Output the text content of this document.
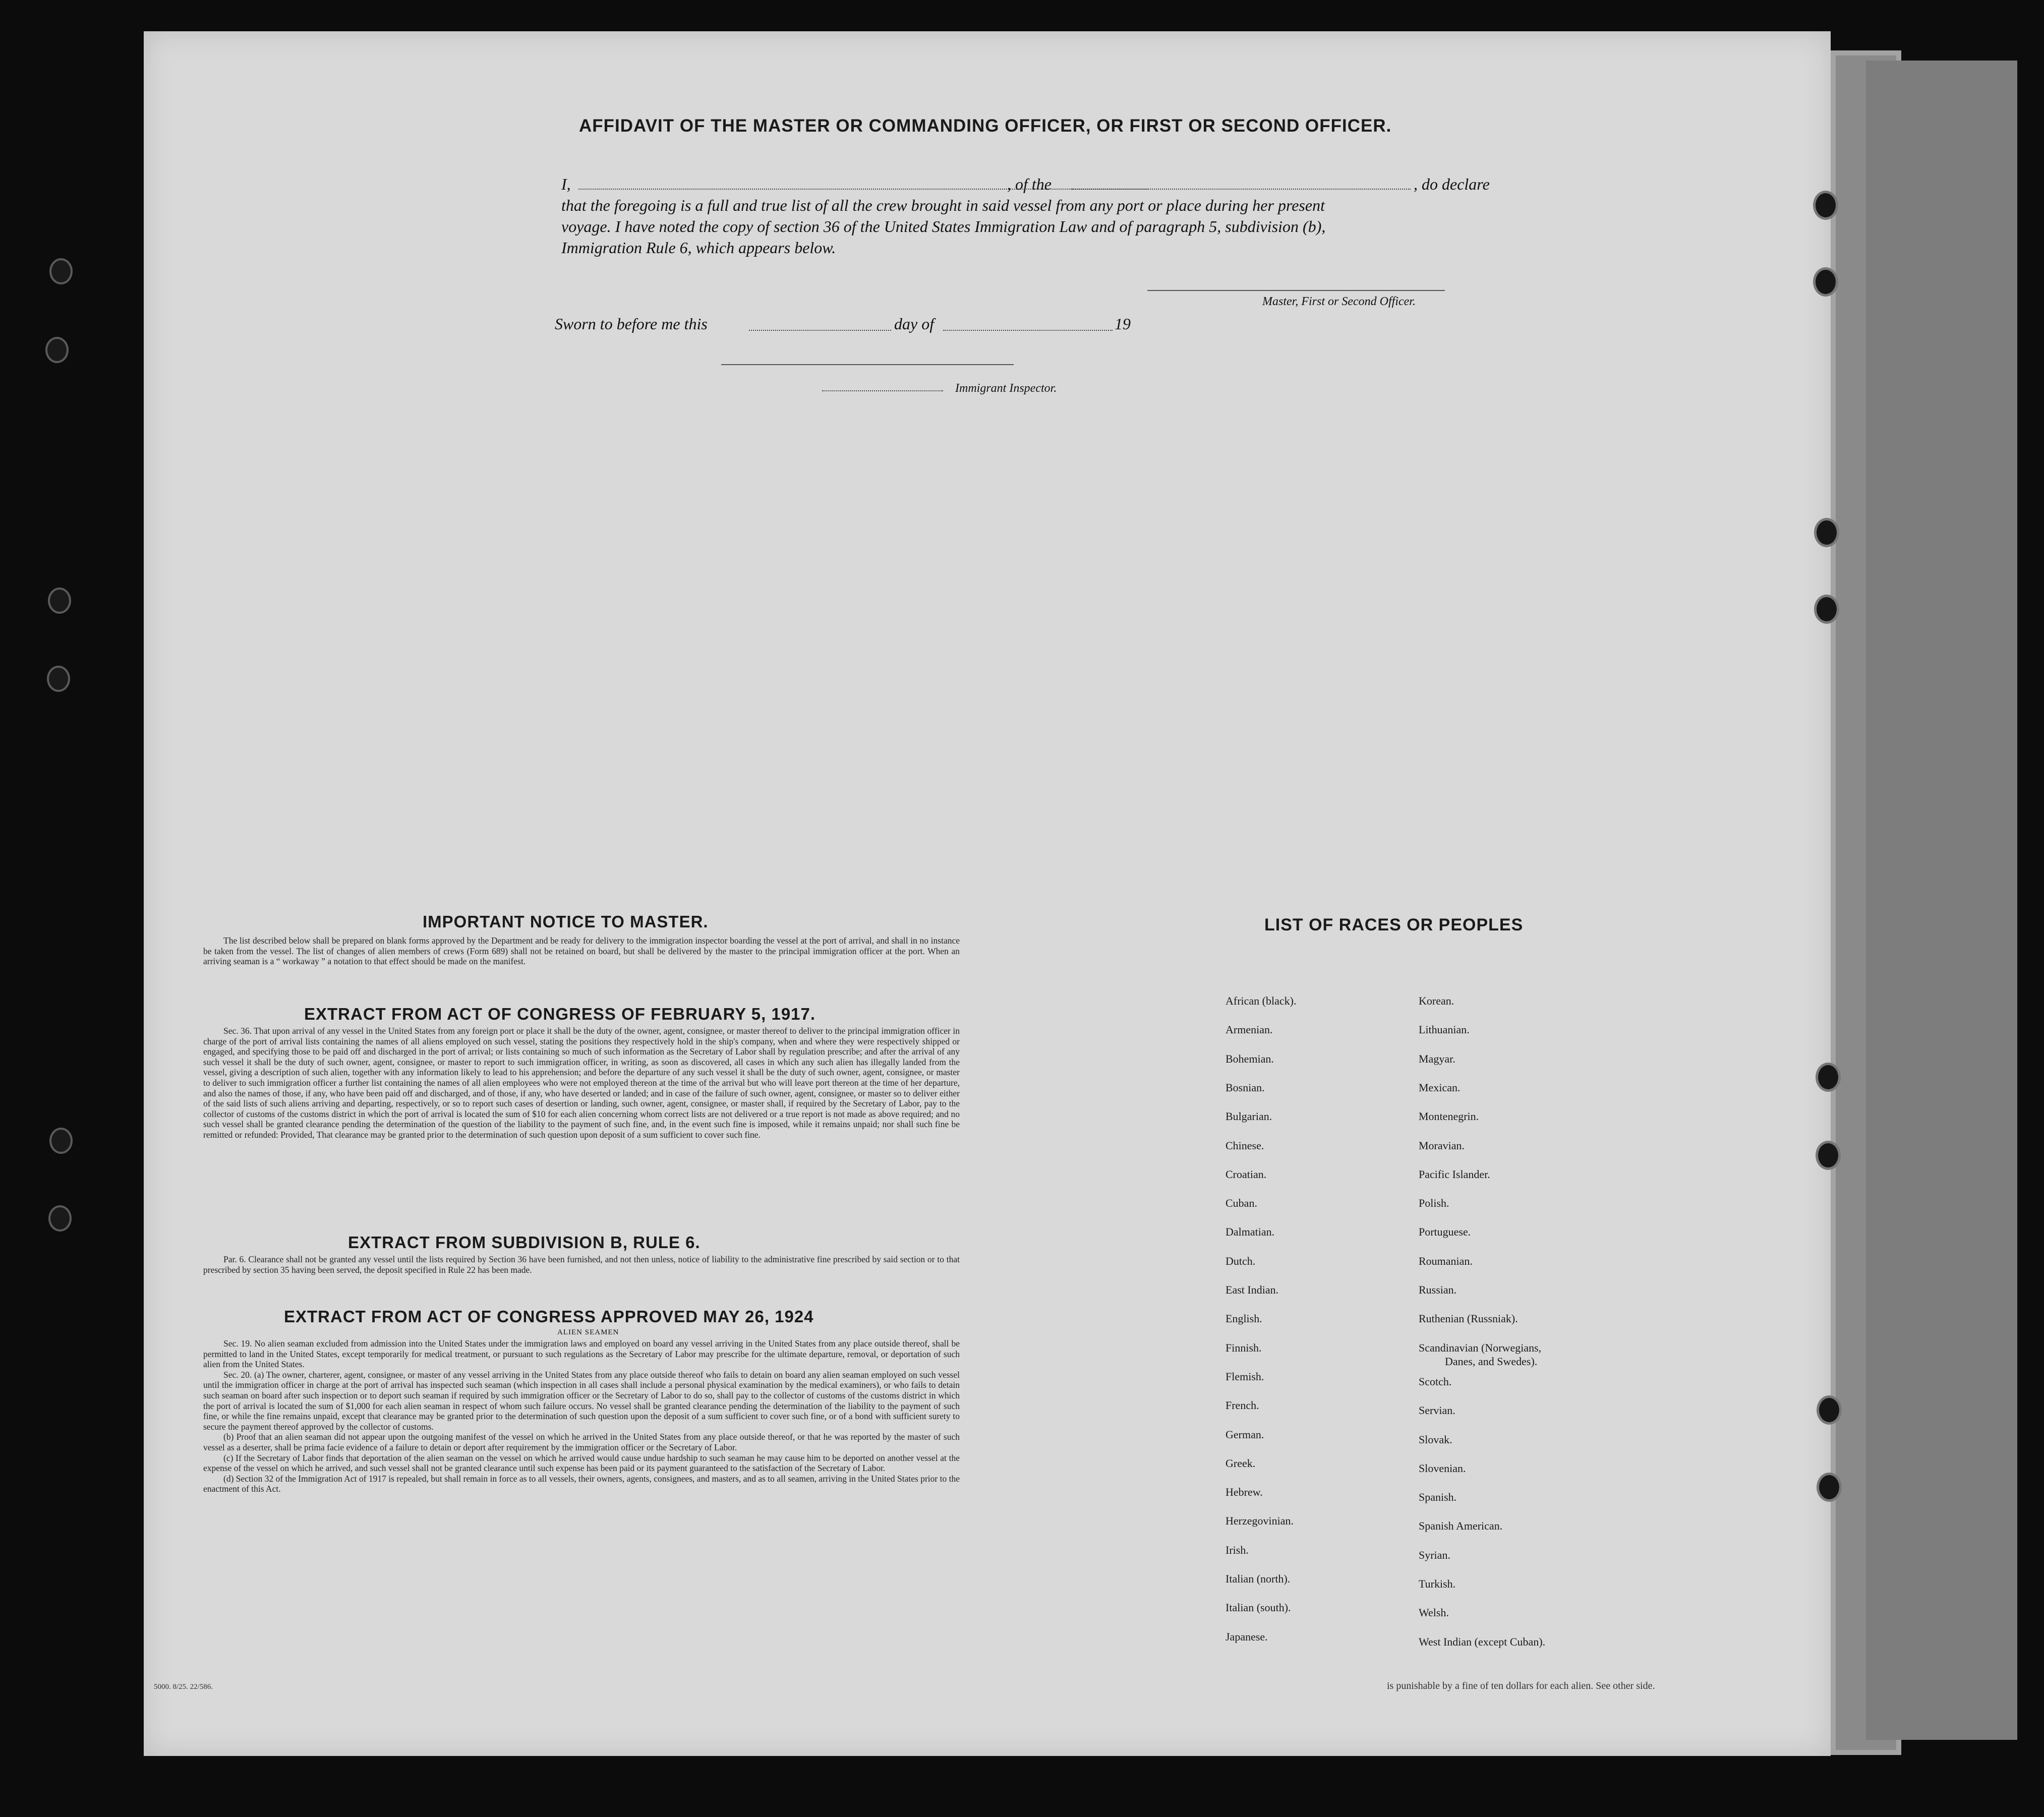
AFFIDAVIT OF THE MASTER OR COMMANDING OFFICER, OR FIRST OR SECOND OFFICER.
I,	, of the	, do declare
that the foregoing is a full and true list of all the crew brought in said vessel from any port or place during her present
voyage. I have noted the copy of section 36 of the United States Immigration Law and of paragraph 5, subdivision (b),
Immigration Rule 6, which appears below.
Master, First or Second Officer.
Sworn to before me this	day of	19
Immigrant Inspector.
IMPORTANT NOTICE TO MASTER.

The list described below shall be prepared on blank forms approved by the Department and be ready for delivery to the immigration inspector boarding the vessel at the port of arrival, and shall in no instance be taken from the vessel. The list of changes of alien members of crews (Form 689) shall not be retained on board, but shall be delivered by the master to the principal immigration officer at the port. When an arriving seaman is a “ workaway ” a notation to that effect should be made on the manifest.

EXTRACT FROM ACT OF CONGRESS OF FEBRUARY 5, 1917.

Sec. 36. That upon arrival of any vessel in the United States from any foreign port or place it shall be the duty of the owner, agent, consignee, or master thereof to deliver to the principal immigration officer in charge of the port of arrival lists containing the names of all aliens employed on such vessel, stating the positions they respectively hold in the ship's company, when and where they were respectively shipped or engaged, and specifying those to be paid off and discharged in the port of arrival; or lists containing so much of such information as the Secretary of Labor shall by regulation prescribe; and after the arrival of any such vessel it shall be the duty of such owner, agent, consignee, or master to report to such immigration officer, in writing, as soon as discovered, all cases in which any such alien has illegally landed from the vessel, giving a description of such alien, together with any information likely to lead to his apprehension; and before the departure of any such vessel it shall be the duty of such owner, agent, consignee, or master to deliver to such immigration officer a further list containing the names of all alien employees who were not employed thereon at the time of the arrival but who will leave port thereon at the time of her departure, and also the names of those, if any, who have been paid off and discharged, and of those, if any, who have deserted or landed; and in case of the failure of such owner, agent, consignee, or master so to deliver either of the said lists of such aliens arriving and departing, respectively, or so to report such cases of desertion or landing, such owner, agent, consignee, or master shall, if required by the Secretary of Labor, pay to the collector of customs of the customs district in which the port of arrival is located the sum of $10 for each alien concerning whom correct lists are not delivered or a true report is not made as above required; and no such vessel shall be granted clearance pending the determination of the question of the liability to the payment of such fine, and, in the event such fine is imposed, while it remains unpaid; nor shall such fine be remitted or refunded: Provided, That clearance may be granted prior to the determination of such question upon deposit of a sum sufficient to cover such fine.

EXTRACT FROM SUBDIVISION B, RULE 6.

Par. 6. Clearance shall not be granted any vessel until the lists required by Section 36 have been furnished, and not then unless, notice of liability to the administrative fine prescribed by said section or to that prescribed by section 35 having been served, the deposit specified in Rule 22 has been made.

EXTRACT FROM ACT OF CONGRESS APPROVED MAY 26, 1924
ALIEN SEAMEN

Sec. 19. No alien seaman excluded from admission into the United States under the immigration laws and employed on board any vessel arriving in the United States from any place outside thereof, shall be permitted to land in the United States, except temporarily for medical treatment, or pursuant to such regulations as the Secretary of Labor may prescribe for the ultimate departure, removal, or deportation of such alien from the United States.

Sec. 20. (a) The owner, charterer, agent, consignee, or master of any vessel arriving in the United States from any place outside thereof who fails to detain on board any alien seaman employed on such vessel until the immigration officer in charge at the port of arrival has inspected such seaman (which inspection in all cases shall include a personal physical examination by the medical examiners), or who fails to detain such seaman on board after such inspection or to deport such seaman if required by such immigration officer or the Secretary of Labor to do so, shall pay to the collector of customs of the customs district in which the port of arrival is located the sum of $1,000 for each alien seaman in respect of whom such failure occurs. No vessel shall be granted clearance pending the determination of the liability to the payment of such fine, or while the fine remains unpaid, except that clearance may be granted prior to the determination of such question upon the deposit of a sum sufficient to cover such fine, or of a bond with sufficient surety to secure the payment thereof approved by the collector of customs.

(b) Proof that an alien seaman did not appear upon the outgoing manifest of the vessel on which he arrived in the United States from any place outside thereof, or that he was reported by the master of such vessel as a deserter, shall be prima facie evidence of a failure to detain or deport after requirement by the immigration officer or the Secretary of Labor.

(c) If the Secretary of Labor finds that deportation of the alien seaman on the vessel on which he arrived would cause undue hardship to such seaman he may cause him to be deported on another vessel at the expense of the vessel on which he arrived, and such vessel shall not be granted clearance until such expense has been paid or its payment guaranteed to the satisfaction of the Secretary of Labor.

(d) Section 32 of the Immigration Act of 1917 is repealed, but shall remain in force as to all vessels, their owners, agents, consignees, and masters, and as to all seamen, arriving in the United States prior to the enactment of this Act.

LIST OF RACES OR PEOPLES
African (black).
Armenian.
Bohemian.
Bosnian.
Bulgarian.
Chinese.
Croatian.
Cuban.
Dalmatian.
Dutch.
East Indian.
English.
Finnish.
Flemish.
French.
German.
Greek.
Hebrew.
Herzegovinian.
Irish.
Italian (north).
Italian (south).
Japanese.
Korean.
Lithuanian.
Magyar.
Mexican.
Montenegrin.
Moravian.
Pacific Islander.
Polish.
Portuguese.
Roumanian.
Russian.
Ruthenian (Russniak).
Scandinavian (Norwegians,
Danes, and Swedes).
Scotch.
Servian.
Slovak.
Slovenian.
Spanish.
Spanish American.
Syrian.
Turkish.
Welsh.
West Indian (except Cuban).
5000. 8/25. 22/586.	is punishable by a fine of ten dollars for each alien. See other side.
